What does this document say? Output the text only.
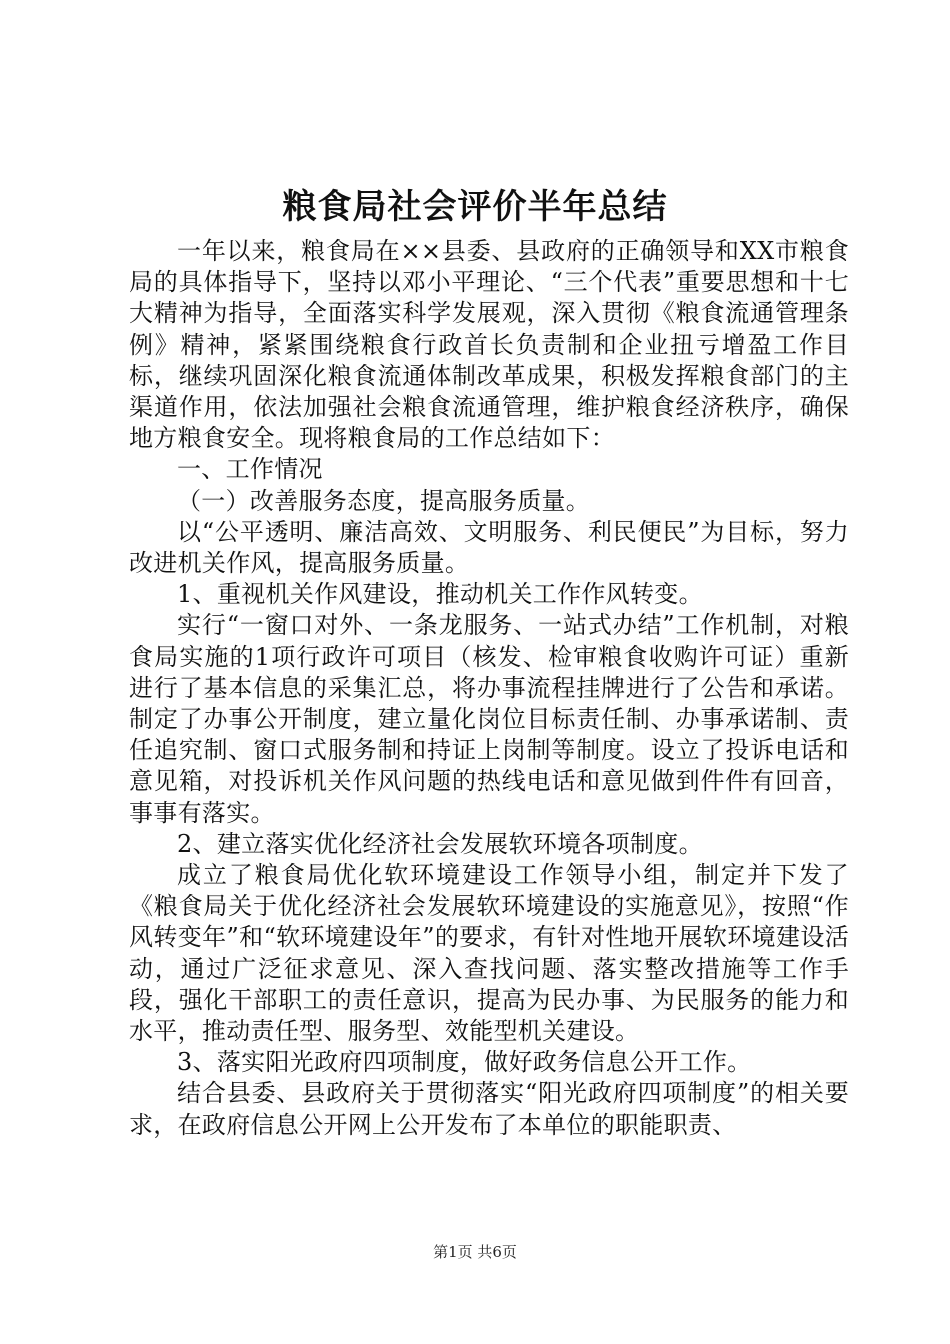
粮食局社会评价半年总结

一年以来，粮食局在××县委、县政府的正确领导和XX市粮食局的具体指导下，坚持以邓小平理论、“三个代表”重要思想和十七大精神为指导，全面落实科学发展观，深入贯彻《粮食流通管理条例》精神，紧紧围绕粮食行政首长负责制和企业扭亏增盈工作目标，继续巩固深化粮食流通体制改革成果，积极发挥粮食部门的主渠道作用，依法加强社会粮食流通管理，维护粮食经济秩序，确保地方粮食安全。现将粮食局的工作总结如下：

一、工作情况

（一）改善服务态度，提高服务质量。

以“公平透明、廉洁高效、文明服务、利民便民”为目标，努力改进机关作风，提高服务质量。

1、重视机关作风建设，推动机关工作作风转变。

实行“一窗口对外、一条龙服务、一站式办结”工作机制，对粮食局实施的1项行政许可项目（核发、检审粮食收购许可证）重新进行了基本信息的采集汇总，将办事流程挂牌进行了公告和承诺。制定了办事公开制度，建立量化岗位目标责任制、办事承诺制、责任追究制、窗口式服务制和持证上岗制等制度。设立了投诉电话和意见箱，对投诉机关作风问题的热线电话和意见做到件件有回音，事事有落实。

2、建立落实优化经济社会发展软环境各项制度。

成立了粮食局优化软环境建设工作领导小组，制定并下发了《粮食局关于优化经济社会发展软环境建设的实施意见》，按照“作风转变年”和“软环境建设年”的要求，有针对性地开展软环境建设活动，通过广泛征求意见、深入查找问题、落实整改措施等工作手段，强化干部职工的责任意识，提高为民办事、为民服务的能力和水平，推动责任型、服务型、效能型机关建设。

3、落实阳光政府四项制度，做好政务信息公开工作。

结合县委、县政府关于贯彻落实“阳光政府四项制度”的相关要求，在政府信息公开网上公开发布了本单位的职能职责、

第1页 共6页
